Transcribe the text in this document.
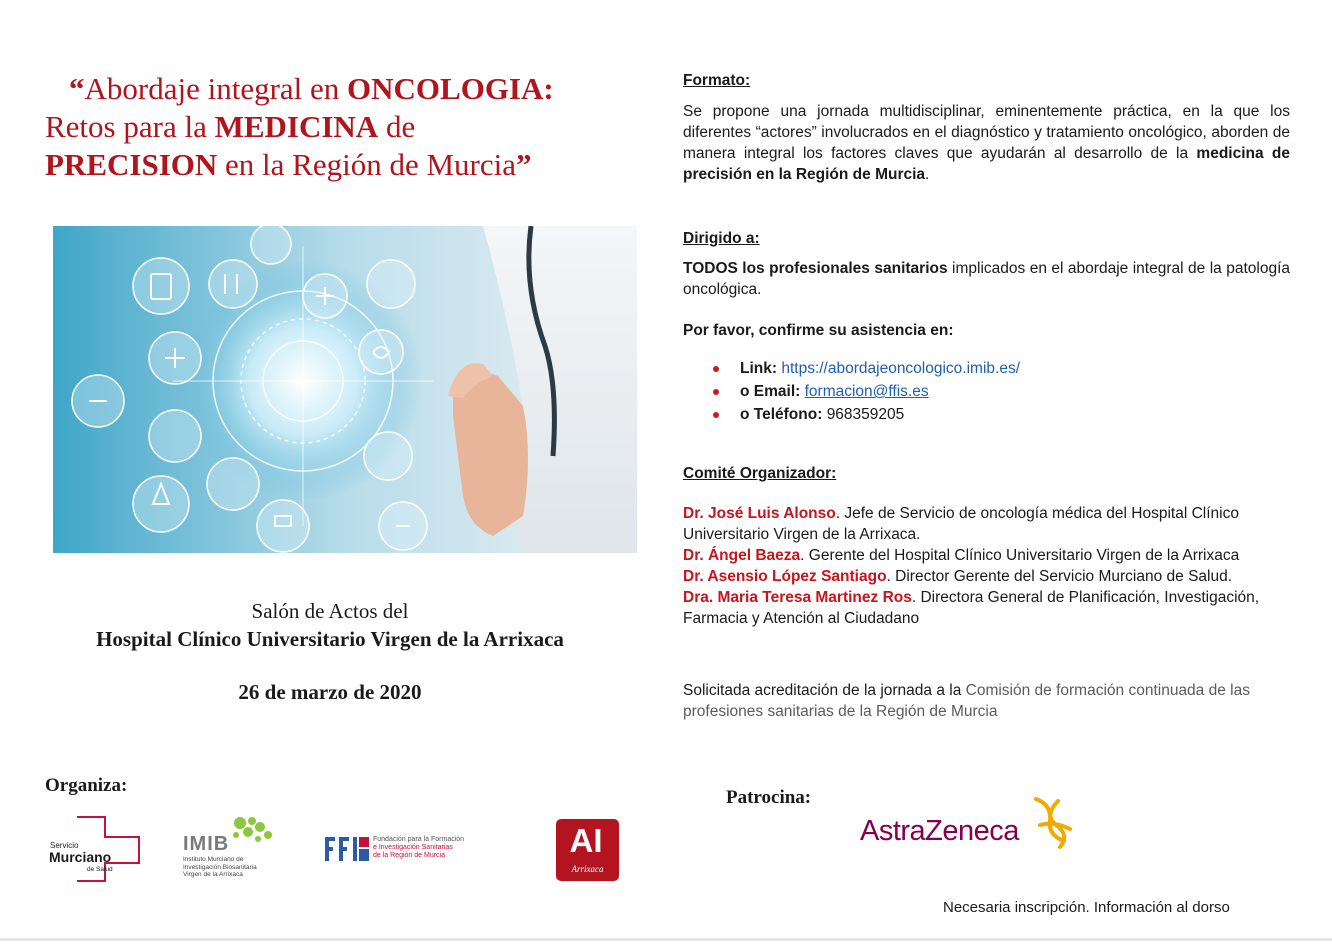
“Abordaje integral en ONCOLOGIA:
Retos para la MEDICINA de
PRECISION en la Región de Murcia”
Salón de Actos del
Hospital Clínico Universitario Virgen de la Arrixaca
26 de marzo de 2020
Organiza:
Servicio
Murciano
de Salud
IMIB
Instituto Murciano de
Investigación Biosanitaria
Virgen de la Arrixaca
Fundación para la Formación
e Investigación Sanitarias
de la Región de Murcia	AI
Arrixaca
Formato:
Se propone una jornada multidisciplinar, eminentemente práctica, en la que los diferentes “actores” involucrados en el diagnóstico y tratamiento oncológico, aborden de manera integral los factores claves que ayudarán al desarrollo de la medicina de precisión en la Región de Murcia.
Dirigido a:
TODOS los profesionales sanitarios implicados en el abordaje integral de la patología oncológica.
Por favor, confirme su asistencia en:
Link: https://abordajeoncologico.imib.es/
o Email: formacion@ffis.es
o Teléfono: 968359205
Comité Organizador:
Dr. José Luis Alonso. Jefe de Servicio de oncología médica del Hospital Clínico Universitario Virgen de la Arrixaca.
Dr. Ángel Baeza. Gerente del Hospital Clínico Universitario Virgen de la Arrixaca
Dr. Asensio López Santiago. Director Gerente del Servicio Murciano de Salud.
Dra. Maria Teresa Martinez Ros. Directora General de Planificación, Investigación, Farmacia y Atención al Ciudadano
Solicitada acreditación de la jornada a la Comisión de formación continuada de las profesiones sanitarias de la Región de Murcia
Patrocina:
AstraZeneca
Necesaria inscripción. Información al dorso
